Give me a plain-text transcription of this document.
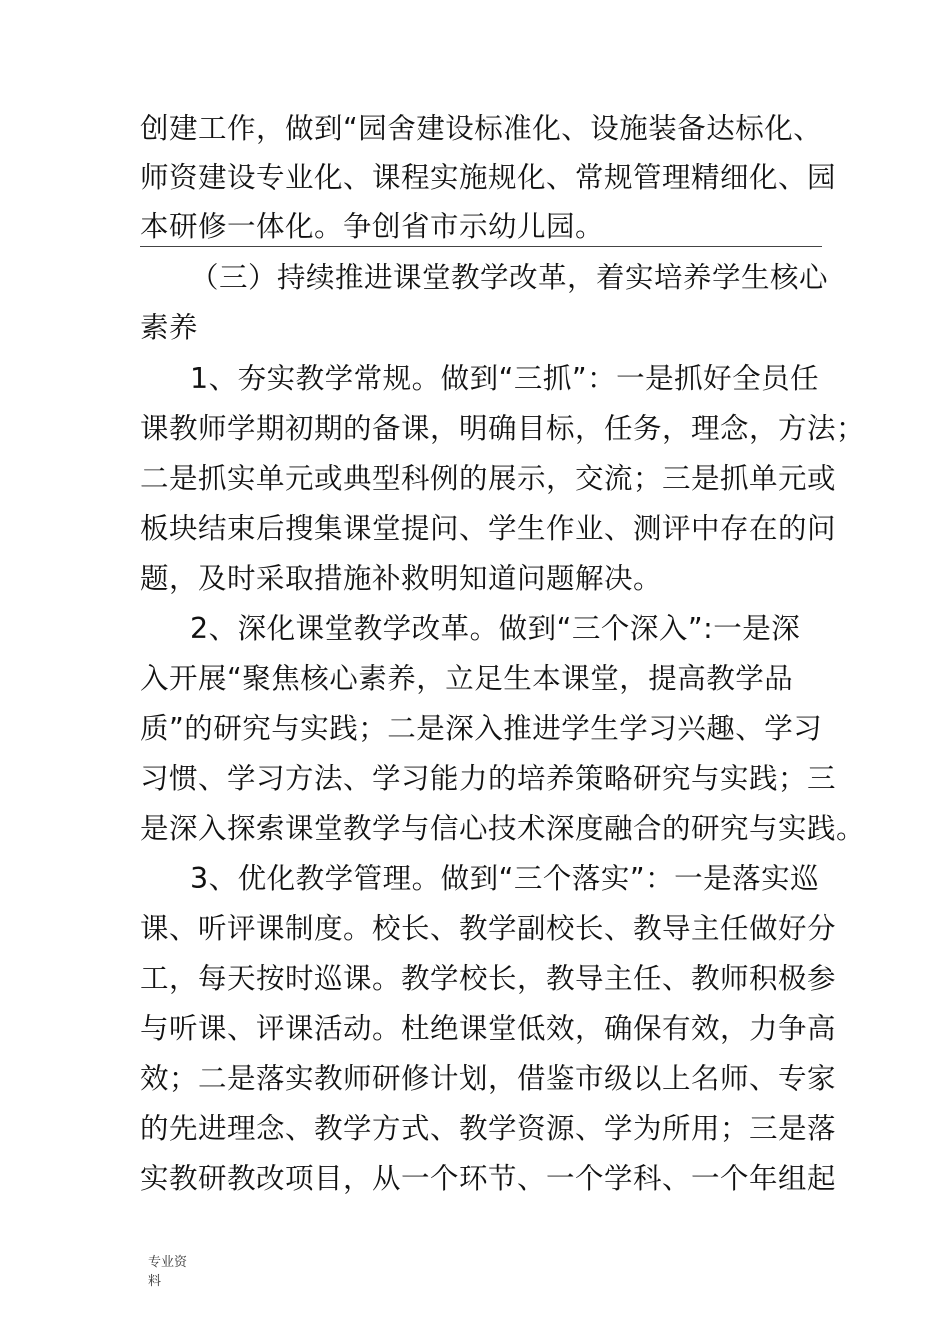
创建工作，做到“园舍建设标准化、设施装备达标化、
师资建设专业化、课程实施规化、常规管理精细化、园
本研修一体化。争创省市示幼儿园。
（三）持续推进课堂教学改革，着实培养学生核心
素养
1、夯实教学常规。做到“三抓”：一是抓好全员任
课教师学期初期的备课，明确目标，任务，理念，方法；
二是抓实单元或典型科例的展示，交流；三是抓单元或
板块结束后搜集课堂提问、学生作业、测评中存在的问
题，及时采取措施补救明知道问题解决。
2、深化课堂教学改革。做到“三个深入”:一是深
入开展“聚焦核心素养，立足生本课堂，提高教学品
质”的研究与实践；二是深入推进学生学习兴趣、学习
习惯、学习方法、学习能力的培养策略研究与实践；三
是深入探索课堂教学与信心技术深度融合的研究与实践。
3、优化教学管理。做到“三个落实”：一是落实巡
课、听评课制度。校长、教学副校长、教导主任做好分
工，每天按时巡课。教学校长，教导主任、教师积极参
与听课、评课活动。杜绝课堂低效，确保有效，力争高
效；二是落实教师研修计划，借鉴市级以上名师、专家
的先进理念、教学方式、教学资源、学为所用；三是落
实教研教改项目，从一个环节、一个学科、一个年组起
专业资
料
